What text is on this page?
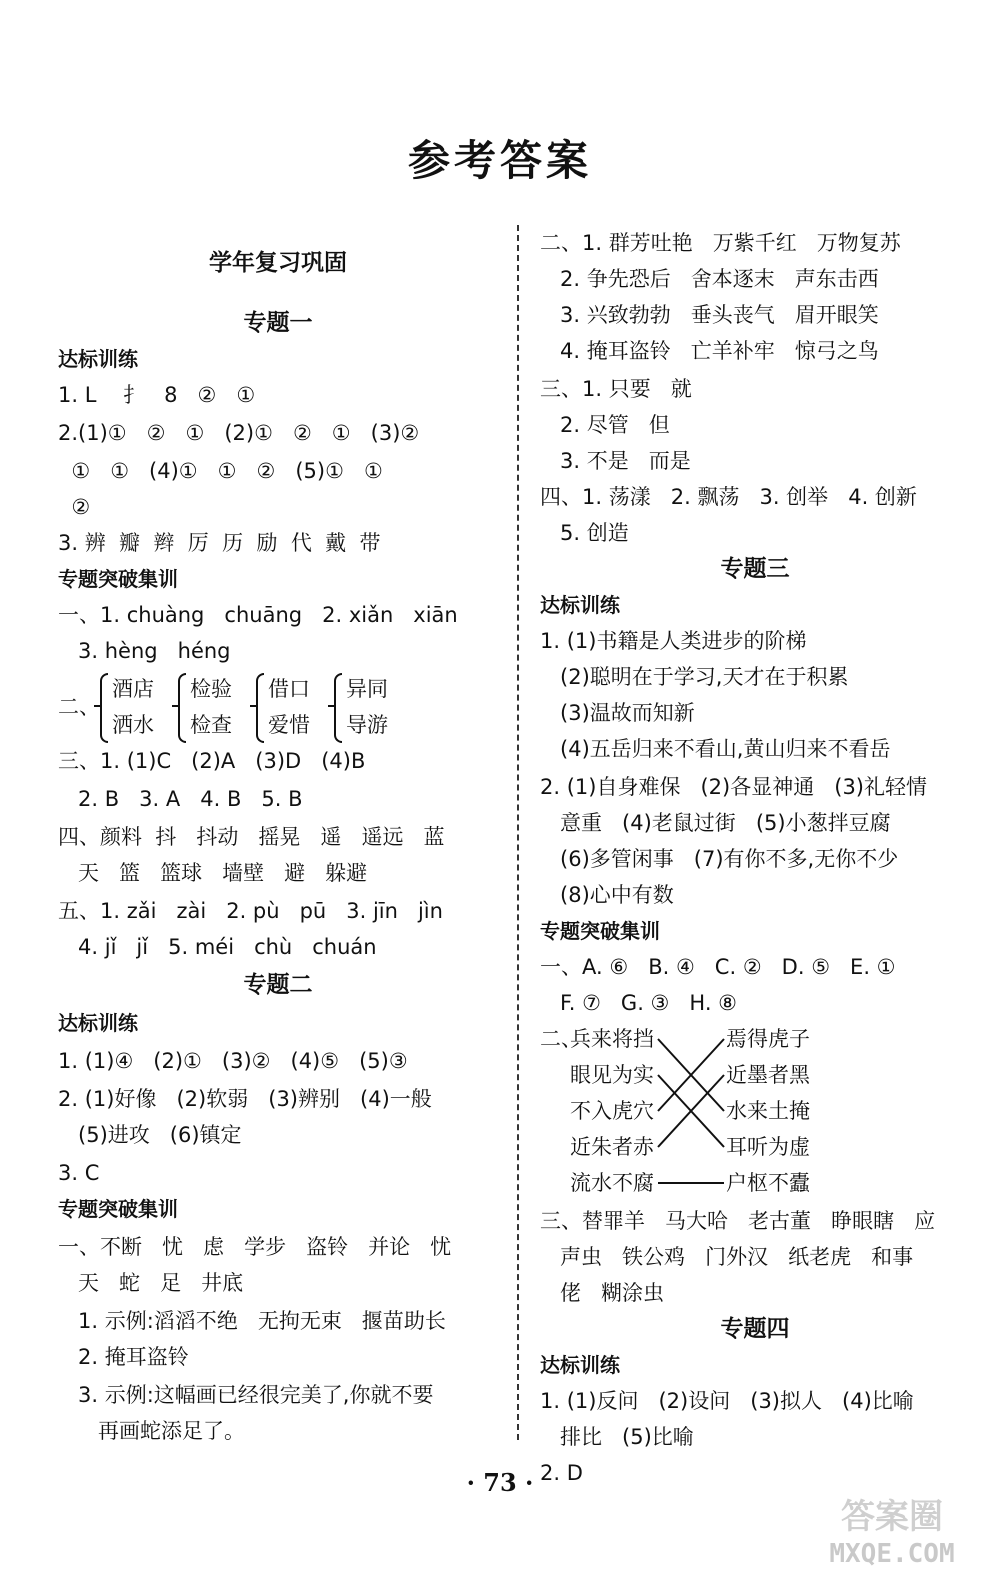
参考答案
学年复习巩固
专题一
达标训练
1. L    扌   8   ②   ①
2.(1)①   ②   ①   (2)①   ②   ①   (3)②
①   ①   (4)①   ①   ②   (5)①   ①
②
3. 辨  瓣  辫  厉  历  励  代  戴  带
专题突破集训
一、1. chuàng   chuāng   2. xiǎn   xiān
3. hèng   héng
二、
酒店
洒水
检验
检查
借口
爱惜
异同
导游
三、1. (1)C   (2)A   (3)D   (4)B
2. B   3. A   4. B   5. B
四、颜料  抖   抖动   摇晃   遥   遥远   蓝
天   篮   篮球   墙壁   避   躲避
五、1. zǎi   zài   2. pù   pū   3. jīn   jìn
4. jǐ   jǐ   5. méi   chù   chuán
专题二
达标训练
1. (1)④   (2)①   (3)②   (4)⑤   (5)③
2. (1)好像   (2)软弱   (3)辨别   (4)一般
(5)进攻   (6)镇定
3. C
专题突破集训
一、不断   忧   虑   学步   盗铃   并论   忧
天   蛇   足   井底
1. 示例:滔滔不绝   无拘无束   揠苗助长
2. 掩耳盗铃
3. 示例:这幅画已经很完美了,你就不要
再画蛇添足了。
二、1. 群芳吐艳   万紫千红   万物复苏
2. 争先恐后   舍本逐末   声东击西
3. 兴致勃勃   垂头丧气   眉开眼笑
4. 掩耳盗铃   亡羊补牢   惊弓之鸟
三、1. 只要   就
2. 尽管   但
3. 不是   而是
四、1. 荡漾   2. 飘荡   3. 创举   4. 创新
5. 创造
专题三
达标训练
1. (1)书籍是人类进步的阶梯
(2)聪明在于学习,天才在于积累
(3)温故而知新
(4)五岳归来不看山,黄山归来不看岳
2. (1)自身难保   (2)各显神通   (3)礼轻情
意重   (4)老鼠过街   (5)小葱拌豆腐
(6)多管闲事   (7)有你不多,无你不少
(8)心中有数
专题突破集训
一、A. ⑥   B. ④   C. ②   D. ⑤   E. ①
F. ⑦   G. ③   H. ⑧
二、
兵来将挡
眼见为实
不入虎穴
近朱者赤
流水不腐
焉得虎子
近墨者黑
水来土掩
耳听为虚
户枢不蠹
三、替罪羊   马大哈   老古董   睁眼瞎   应
声虫   铁公鸡   门外汉   纸老虎   和事
佬   糊涂虫
专题四
达标训练
1. (1)反问   (2)设问   (3)拟人   (4)比喻
排比   (5)比喻
2. D
· 73 ·
答案圈
MXQE.COM
